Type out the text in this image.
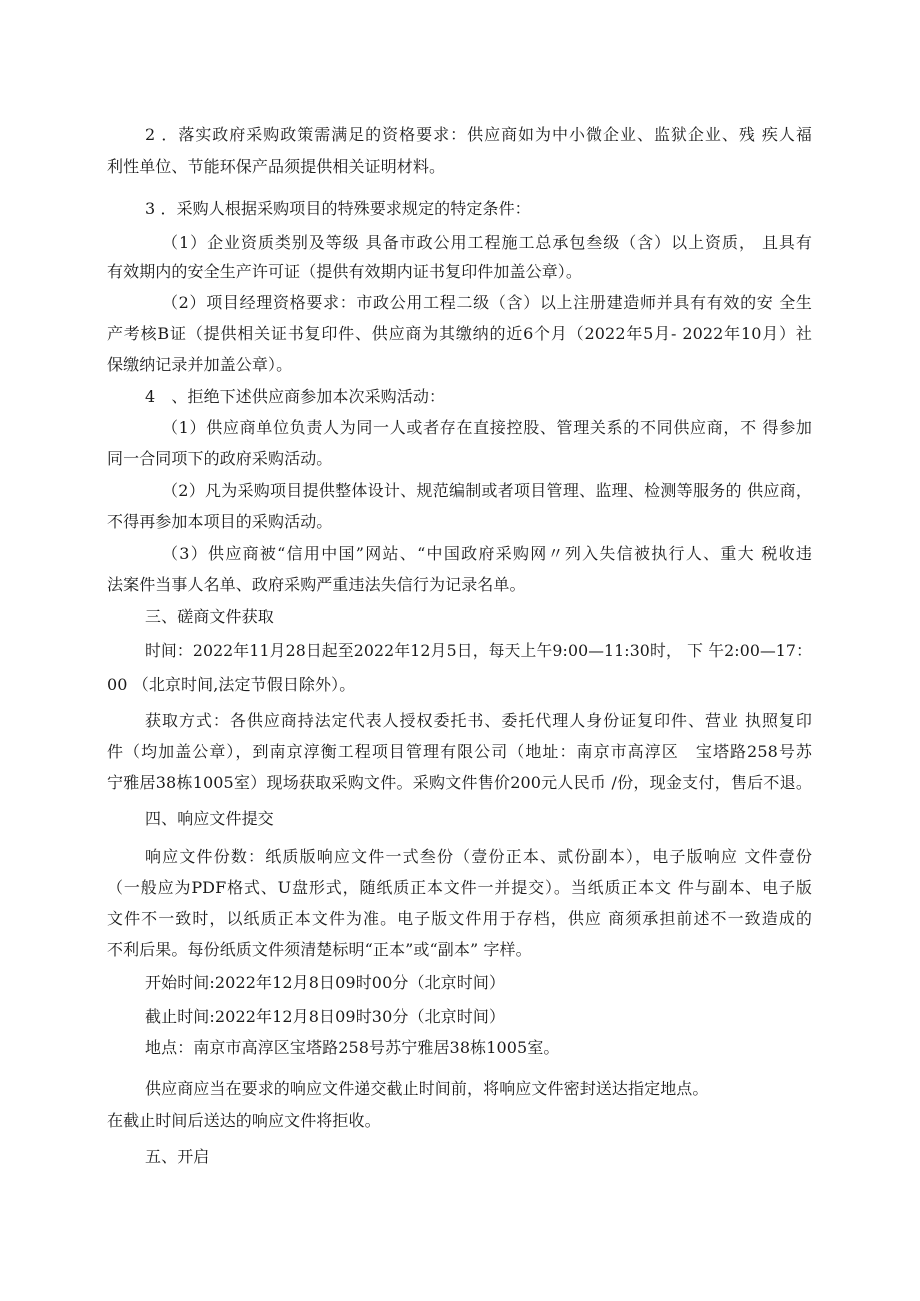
2 ．落实政府采购政策需满足的资格要求：供应商如为中小微企业、监狱企业、残 疾人福
利性单位、节能环保产品须提供相关证明材料。
3 ．采购人根据采购项目的特殊要求规定的特定条件：
（1）企业资质类别及等级 具备市政公用工程施工总承包叁级（含）以上资质， 且具有
有效期内的安全生产许可证（提供有效期内证书复印件加盖公章）。
（2）项目经理资格要求：市政公用工程二级（含）以上注册建造师并具有有效的安 全生
产考核B证（提供相关证书复印件、供应商为其缴纳的近6个月（2022年5月- 2022年10月）社
保缴纳记录并加盖公章）。
4　、拒绝下述供应商参加本次采购活动：
（1）供应商单位负责人为同一人或者存在直接控股、管理关系的不同供应商，不 得参加
同一合同项下的政府采购活动。
（2）凡为采购项目提供整体设计、规范编制或者项目管理、监理、检测等服务的 供应商，
不得再参加本项目的采购活动。
（3）供应商被“信用中国”网站、“中国政府采购网〃列入失信被执行人、重大 税收违
法案件当事人名单、政府采购严重违法失信行为记录名单。
三、磋商文件获取
时间：2022年11月28日起至2022年12月5日，每天上午9:00—11:30时， 下 午2:00—17：
00 （北京时间,法定节假日除外）。
获取方式：各供应商持法定代表人授权委托书、委托代理人身份证复印件、营业 执照复印
件（均加盖公章），到南京淳衡工程项目管理有限公司（地址：南京市高淳区　宝塔路258号苏
宁雅居38栋1005室）现场获取采购文件。采购文件售价200元人民币 /份，现金支付，售后不退。
四、响应文件提交
响应文件份数：纸质版响应文件一式叁份（壹份正本、贰份副本），电子版响应 文件壹份
（一般应为PDF格式、U盘形式，随纸质正本文件一并提交）。当纸质正本文 件与副本、电子版
文件不一致时，以纸质正本文件为准。电子版文件用于存档，供应 商须承担前述不一致造成的
不利后果。每份纸质文件须清楚标明“正本”或“副本” 字样。
开始时间:2022年12月8日09时00分（北京时间）
截止时间:2022年12月8日09时30分（北京时间）
地点：南京市高淳区宝塔路258号苏宁雅居38栋1005室。
供应商应当在要求的响应文件递交截止时间前，将响应文件密封送达指定地点。
在截止时间后送达的响应文件将拒收。
五、开启
